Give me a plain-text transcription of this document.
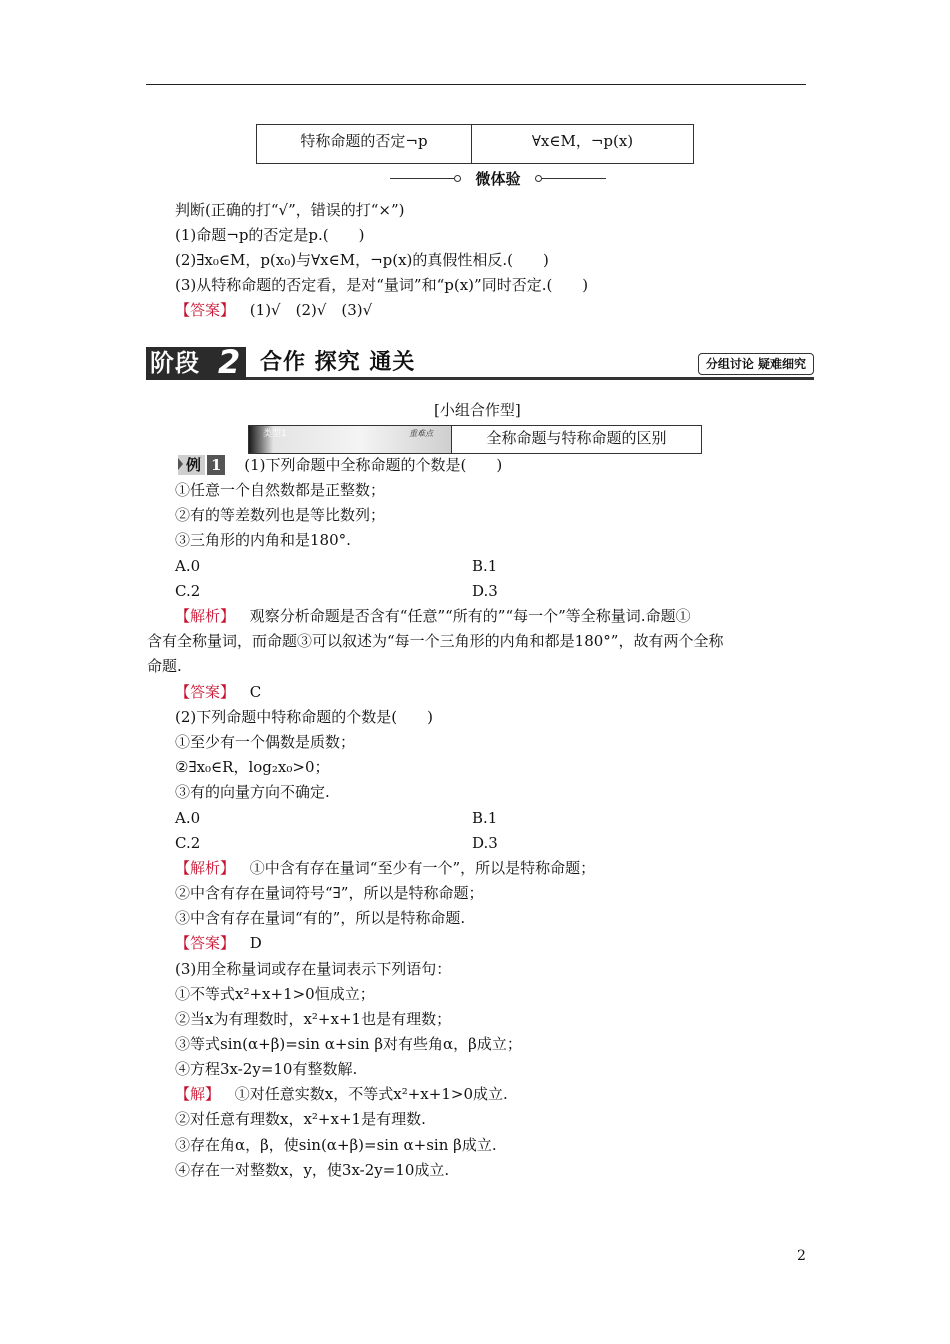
特称命题的否定¬p	∀x∈M，¬p(x)
微体验
判断(正确的打“√”，错误的打“×”)
(1)命题¬p的否定是p.(　　)
(2)∃x₀∈M，p(x₀)与∀x∈M，¬p(x)的真假性相反.(　　)
(3)从特称命题的否定看，是对“量词”和“p(x)”同时否定.(　　)
【答案】 (1)√　(2)√　(3)√
阶段 2 合作 探究 通关	分组讨论 疑难细究
[小组合作型]
类型1	重难点	全称命题与特称命题的区别
例 1 (1)下列命题中全称命题的个数是(　　)
①任意一个自然数都是正整数；
②有的等差数列也是等比数列；
③三角形的内角和是180°.
A.0	B.1
C.2	D.3
【解析】 观察分析命题是否含有“任意”“所有的”“每一个”等全称量词.命题①
含有全称量词，而命题③可以叙述为“每一个三角形的内角和都是180°”，故有两个全称
命题.
【答案】 C
(2)下列命题中特称命题的个数是(　　)
①至少有一个偶数是质数；
②∃x₀∈R，log₂x₀>0；
③有的向量方向不确定.
A.0	B.1
C.2	D.3
【解析】 ①中含有存在量词“至少有一个”，所以是特称命题；
②中含有存在量词符号“∃”，所以是特称命题；
③中含有存在量词“有的”，所以是特称命题.
【答案】 D
(3)用全称量词或存在量词表示下列语句：
①不等式x²+x+1>0恒成立；
②当x为有理数时，x²+x+1也是有理数；
③等式sin(α+β)=sin α+sin β对有些角α，β成立；
④方程3x-2y=10有整数解.
【解】 ①对任意实数x，不等式x²+x+1>0成立.
②对任意有理数x，x²+x+1是有理数.
③存在角α，β，使sin(α+β)=sin α+sin β成立.
④存在一对整数x，y，使3x-2y=10成立.
2
